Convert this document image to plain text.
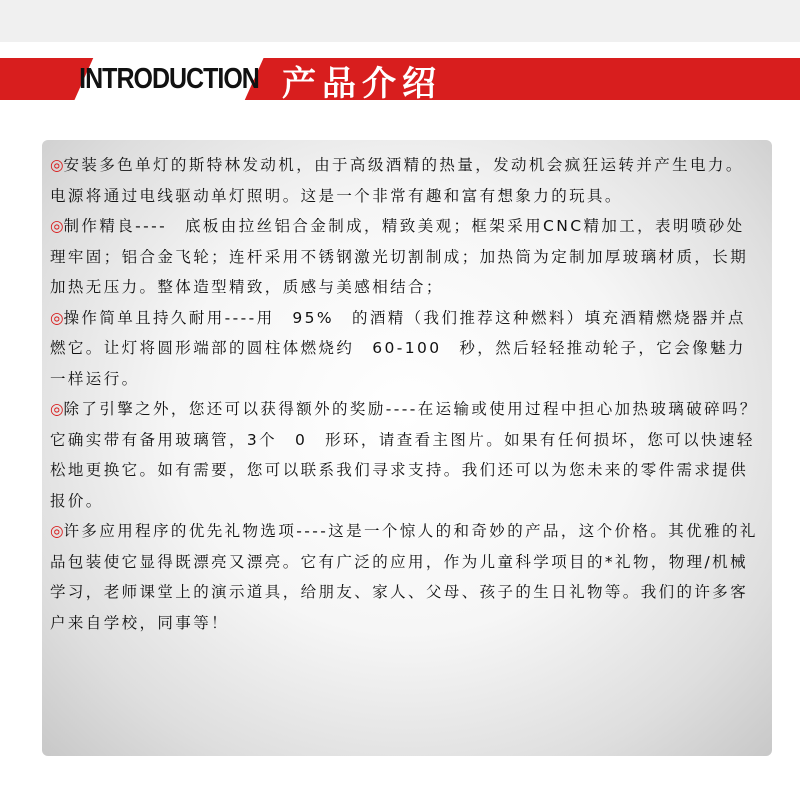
INTRODUCTION 产品介绍

◎安装多色单灯的斯特林发动机，由于高级酒精的热量，发动机会疯狂运转并产生电力。电源将通过电线驱动单灯照明。这是一个非常有趣和富有想象力的玩具。

◎制作精良----　底板由拉丝铝合金制成，精致美观；框架采用CNC精加工，表明喷砂处理牢固；铝合金飞轮；连杆采用不锈钢激光切割制成；加热筒为定制加厚玻璃材质，长期加热无压力。整体造型精致，质感与美感相结合；

◎操作简单且持久耐用----用　95%　的酒精（我们推荐这种燃料）填充酒精燃烧器并点燃它。让灯将圆形端部的圆柱体燃烧约　60-100　秒，然后轻轻推动轮子，它会像魅力一样运行。

◎除了引擎之外，您还可以获得额外的奖励----在运输或使用过程中担心加热玻璃破碎吗？它确实带有备用玻璃管，3个　0　形环，请查看主图片。如果有任何损坏，您可以快速轻松地更换它。如有需要，您可以联系我们寻求支持。我们还可以为您未来的零件需求提供报价。

◎许多应用程序的优先礼物选项----这是一个惊人的和奇妙的产品，这个价格。其优雅的礼品包装使它显得既漂亮又漂亮。它有广泛的应用，作为儿童科学项目的*礼物，物理/机械学习，老师课堂上的演示道具，给朋友、家人、父母、孩子的生日礼物等。我们的许多客户来自学校，同事等！
